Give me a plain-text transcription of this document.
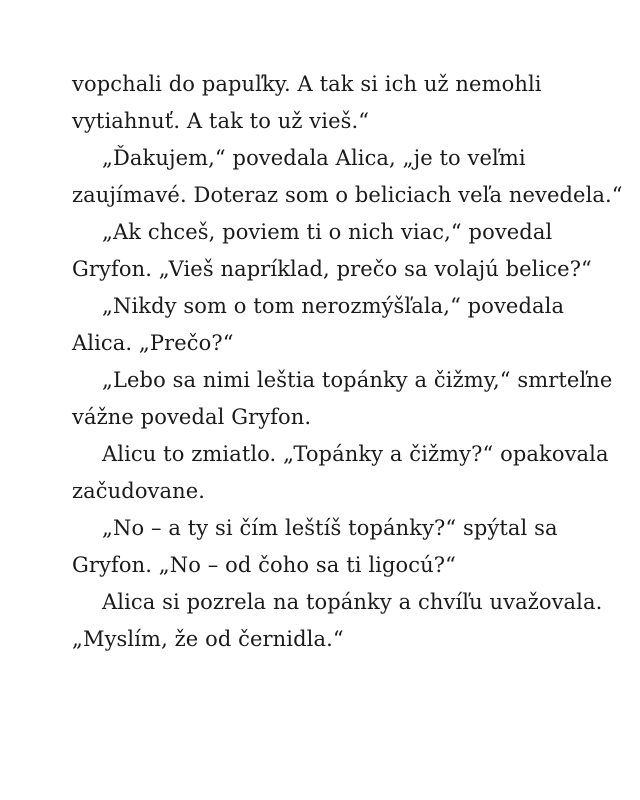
vopchali do papuľky. A tak si ich už nemohli
vytiahnuť. A tak to už vieš.“
„Ďakujem,“ povedala Alica, „je to veľmi
zaujímavé. Doteraz som o beliciach veľa nevedela.“
„Ak chceš, poviem ti o nich viac,“ povedal
Gryfon. „Vieš napríklad, prečo sa volajú belice?“
„Nikdy som o tom nerozmýšľala,“ povedala
Alica. „Prečo?“
„Lebo sa nimi leštia topánky a čižmy,“ smrteľne
vážne povedal Gryfon.
Alicu to zmiatlo. „Topánky a čižmy?“ opakovala
začudovane.
„No – a ty si čím leštíš topánky?“ spýtal sa
Gryfon. „No – od čoho sa ti ligocú?“
Alica si pozrela na topánky a chvíľu uvažovala.
„Myslím, že od černidla.“
